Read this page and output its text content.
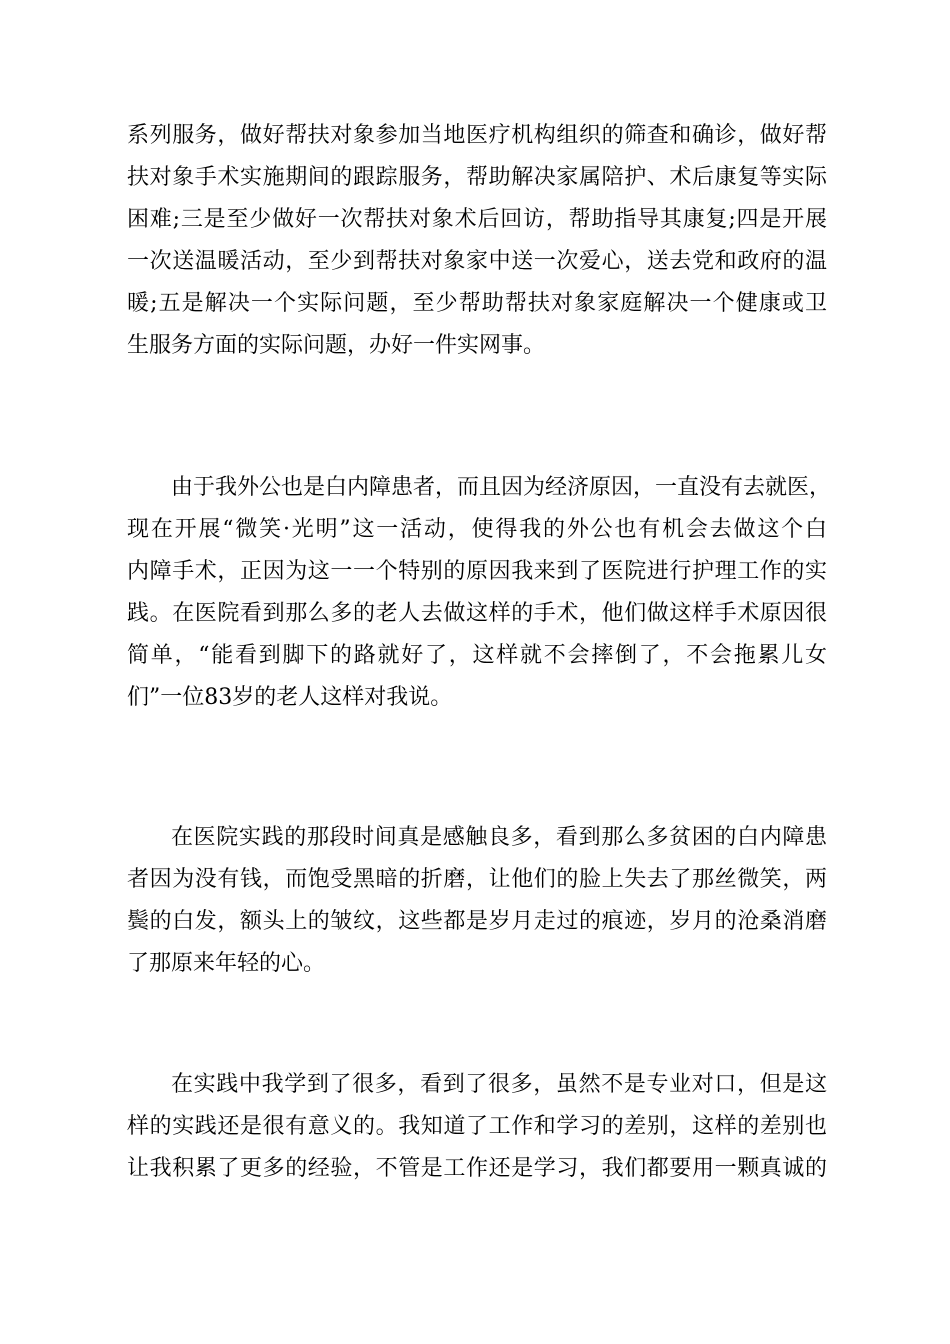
系列服务，做好帮扶对象参加当地医疗机构组织的筛查和确诊，做好帮
扶对象手术实施期间的跟踪服务，帮助解决家属陪护、术后康复等实际
困难;三是至少做好一次帮扶对象术后回访，帮助指导其康复;四是开展
一次送温暖活动，至少到帮扶对象家中送一次爱心，送去党和政府的温
暖;五是解决一个实际问题，至少帮助帮扶对象家庭解决一个健康或卫
生服务方面的实际问题，办好一件实网事。

由于我外公也是白内障患者，而且因为经济原因，一直没有去就医，
现在开展“微笑·光明”这一活动，使得我的外公也有机会去做这个白
内障手术，正因为这一一个特别的原因我来到了医院进行护理工作的实
践。在医院看到那么多的老人去做这样的手术，他们做这样手术原因很
简单，“能看到脚下的路就好了，这样就不会摔倒了，不会拖累儿女
们”一位83岁的老人这样对我说。

在医院实践的那段时间真是感触良多，看到那么多贫困的白内障患
者因为没有钱，而饱受黑暗的折磨，让他们的脸上失去了那丝微笑，两
鬓的白发，额头上的皱纹，这些都是岁月走过的痕迹，岁月的沧桑消磨
了那原来年轻的心。

在实践中我学到了很多，看到了很多，虽然不是专业对口，但是这
样的实践还是很有意义的。我知道了工作和学习的差别，这样的差别也
让我积累了更多的经验，不管是工作还是学习，我们都要用一颗真诚的
